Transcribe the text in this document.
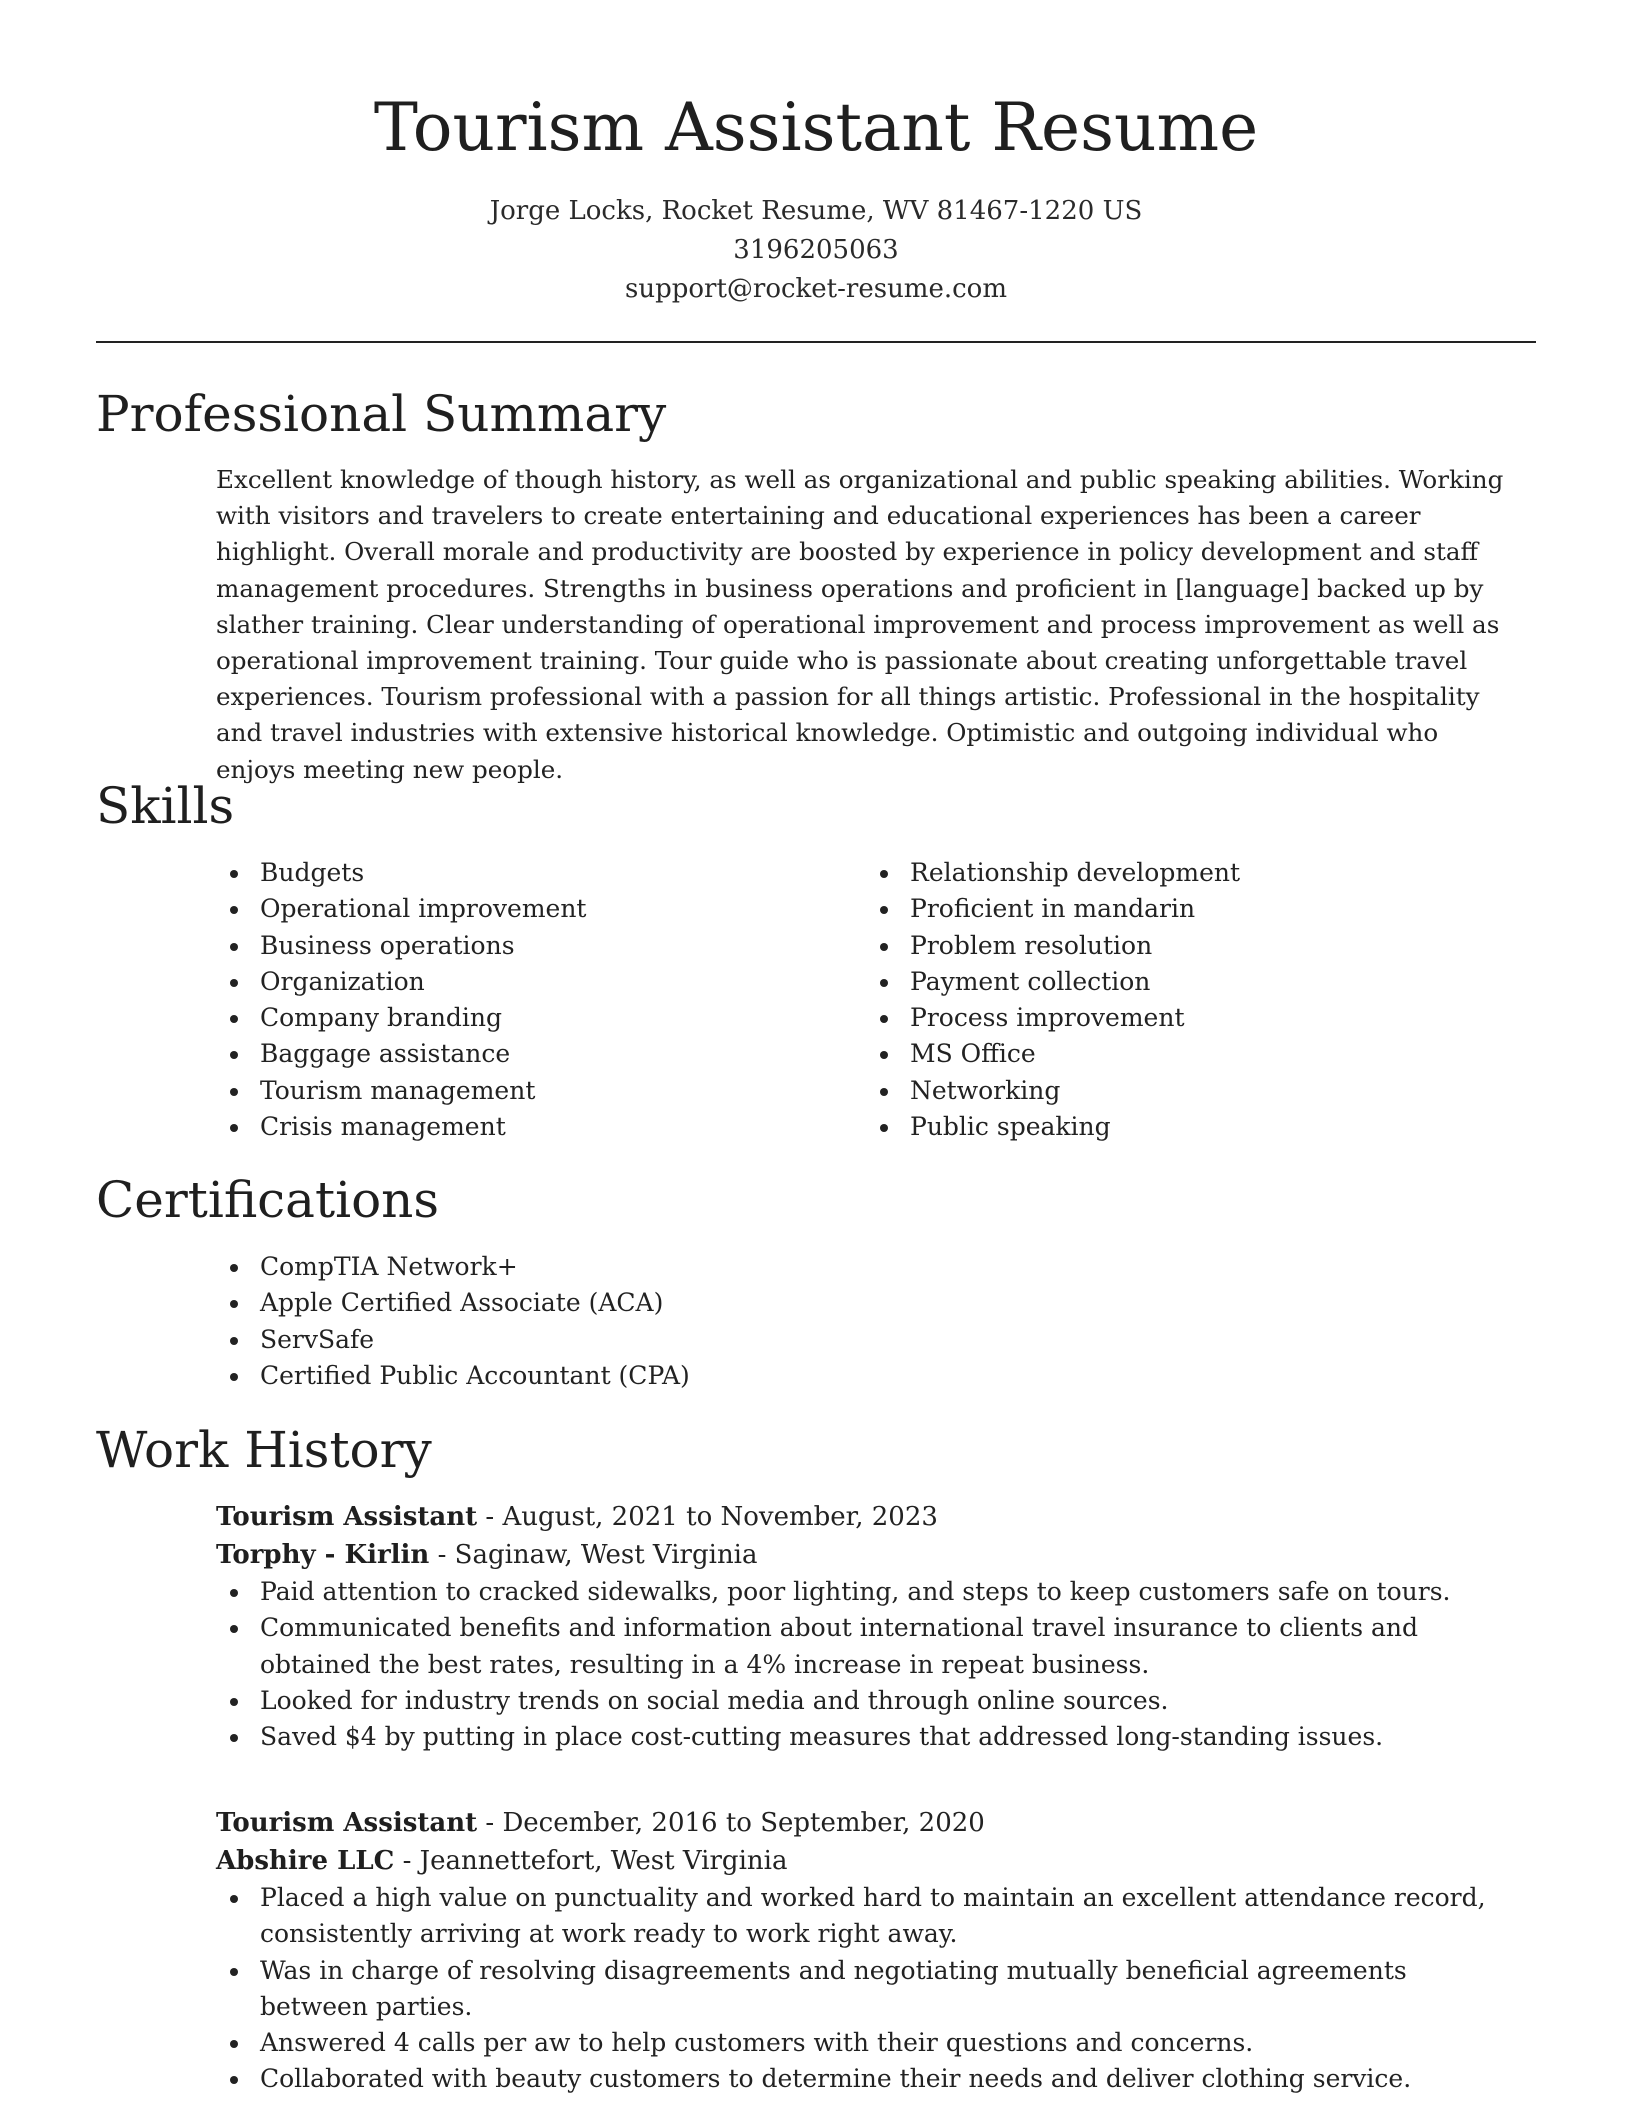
Tourism Assistant Resume
Jorge Locks, Rocket Resume, WV 81467-1220 US
3196205063
support@rocket-resume.com
Professional Summary

Excellent knowledge of though history, as well as organizational and public speaking abilities. Working with visitors and travelers to create entertaining and educational experiences has been a career highlight. Overall morale and productivity are boosted by experience in policy development and staff management procedures. Strengths in business operations and proficient in [language] backed up by slather training. Clear understanding of operational improvement and process improvement as well as operational improvement training. Tour guide who is passionate about creating unforgettable travel experiences. Tourism professional with a passion for all things artistic. Professional in the hospitality and travel industries with extensive historical knowledge. Optimistic and outgoing individual who enjoys meeting new people.

Skills
Budgets
Operational improvement
Business operations
Organization
Company branding
Baggage assistance
Tourism management
Crisis management
Relationship development
Proficient in mandarin
Problem resolution
Payment collection
Process improvement
MS Office
Networking
Public speaking
Certifications
CompTIA Network+
Apple Certified Associate (ACA)
ServSafe
Certified Public Accountant (CPA)
Work History

Tourism Assistant - August, 2021 to November, 2023

Torphy - Kirlin - Saginaw, West Virginia

Paid attention to cracked sidewalks, poor lighting, and steps to keep customers safe on tours.
Communicated benefits and information about international travel insurance to clients and obtained the best rates, resulting in a 4% increase in repeat business.
Looked for industry trends on social media and through online sources.
Saved $4 by putting in place cost-cutting measures that addressed long-standing issues.

Tourism Assistant - December, 2016 to September, 2020

Abshire LLC - Jeannettefort, West Virginia

Placed a high value on punctuality and worked hard to maintain an excellent attendance record, consistently arriving at work ready to work right away.
Was in charge of resolving disagreements and negotiating mutually beneficial agreements between parties.
Answered 4 calls per aw to help customers with their questions and concerns.
Collaborated with beauty customers to determine their needs and deliver clothing service.
